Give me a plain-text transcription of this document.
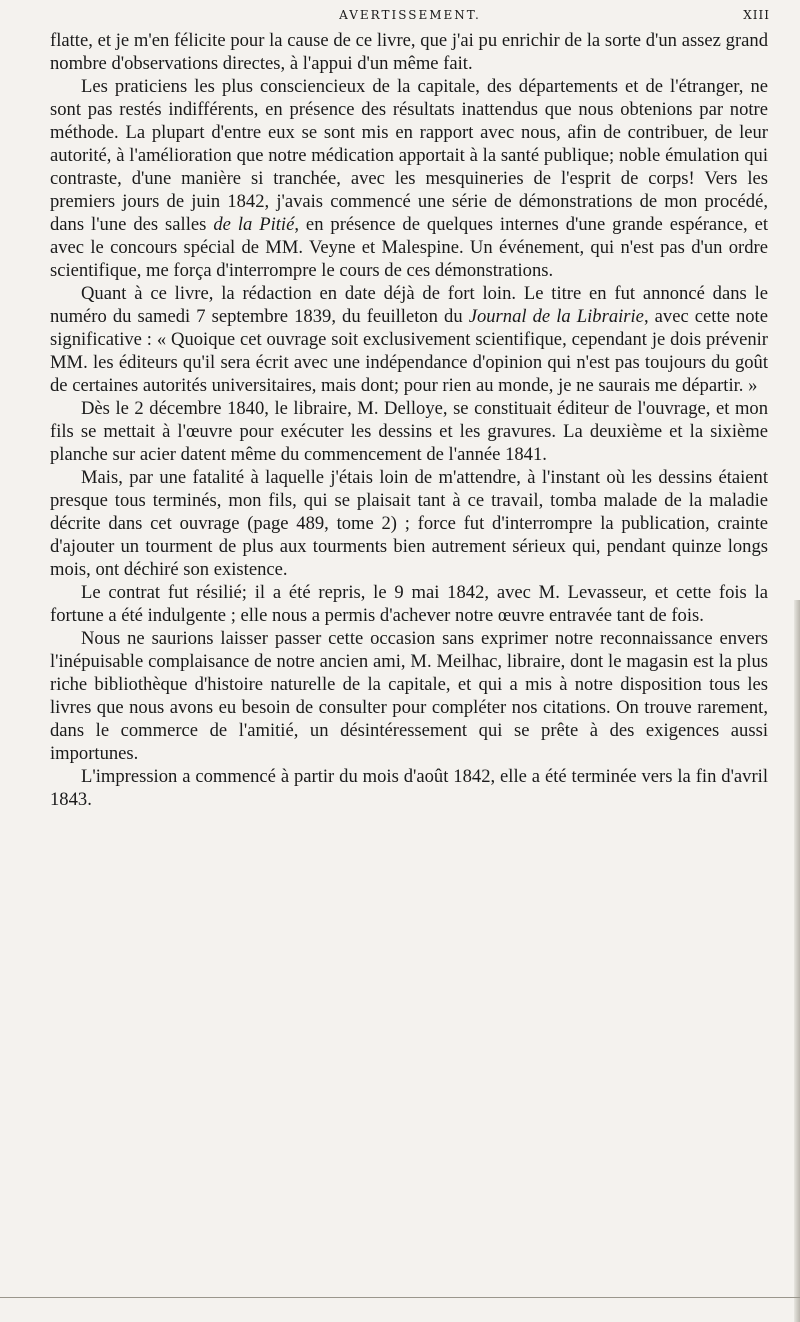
AVERTISSEMENT.	XIII

flatte, et je m'en félicite pour la cause de ce livre, que j'ai pu enrichir de la sorte d'un assez grand nombre d'observations directes, à l'appui d'un même fait.

Les praticiens les plus consciencieux de la capitale, des départements et de l'étranger, ne sont pas restés indifférents, en présence des résultats inattendus que nous obtenions par notre méthode. La plupart d'entre eux se sont mis en rapport avec nous, afin de contribuer, de leur autorité, à l'amélioration que notre médication apportait à la santé publique; noble émulation qui contraste, d'une manière si tranchée, avec les mesquineries de l'esprit de corps! Vers les premiers jours de juin 1842, j'avais commencé une série de démonstrations de mon procédé, dans l'une des salles de la Pitié, en présence de quelques internes d'une grande espérance, et avec le concours spécial de MM. Veyne et Malespine. Un événement, qui n'est pas d'un ordre scientifique, me força d'interrompre le cours de ces démonstrations.

Quant à ce livre, la rédaction en date déjà de fort loin. Le titre en fut annoncé dans le numéro du samedi 7 septembre 1839, du feuilleton du Journal de la Librairie, avec cette note significative : « Quoique cet ouvrage soit exclusivement scientifique, cependant je dois prévenir MM. les éditeurs qu'il sera écrit avec une indépendance d'opinion qui n'est pas toujours du goût de certaines autorités universitaires, mais dont; pour rien au monde, je ne saurais me départir. »

Dès le 2 décembre 1840, le libraire, M. Delloye, se constituait éditeur de l'ouvrage, et mon fils se mettait à l'œuvre pour exécuter les dessins et les gravures. La deuxième et la sixième planche sur acier datent même du commencement de l'année 1841.

Mais, par une fatalité à laquelle j'étais loin de m'attendre, à l'instant où les dessins étaient presque tous terminés, mon fils, qui se plaisait tant à ce travail, tomba malade de la maladie décrite dans cet ouvrage (page 489, tome 2) ; force fut d'interrompre la publication, crainte d'ajouter un tourment de plus aux tourments bien autrement sérieux qui, pendant quinze longs mois, ont déchiré son existence.

Le contrat fut résilié; il a été repris, le 9 mai 1842, avec M. Levasseur, et cette fois la fortune a été indulgente ; elle nous a permis d'achever notre œuvre entravée tant de fois.

Nous ne saurions laisser passer cette occasion sans exprimer notre reconnaissance envers l'inépuisable complaisance de notre ancien ami, M. Meilhac, libraire, dont le magasin est la plus riche bibliothèque d'histoire naturelle de la capitale, et qui a mis à notre disposition tous les livres que nous avons eu besoin de consulter pour compléter nos citations. On trouve rarement, dans le commerce de l'amitié, un désintéressement qui se prête à des exigences aussi importunes.

L'impression a commencé à partir du mois d'août 1842, elle a été terminée vers la fin d'avril 1843.
